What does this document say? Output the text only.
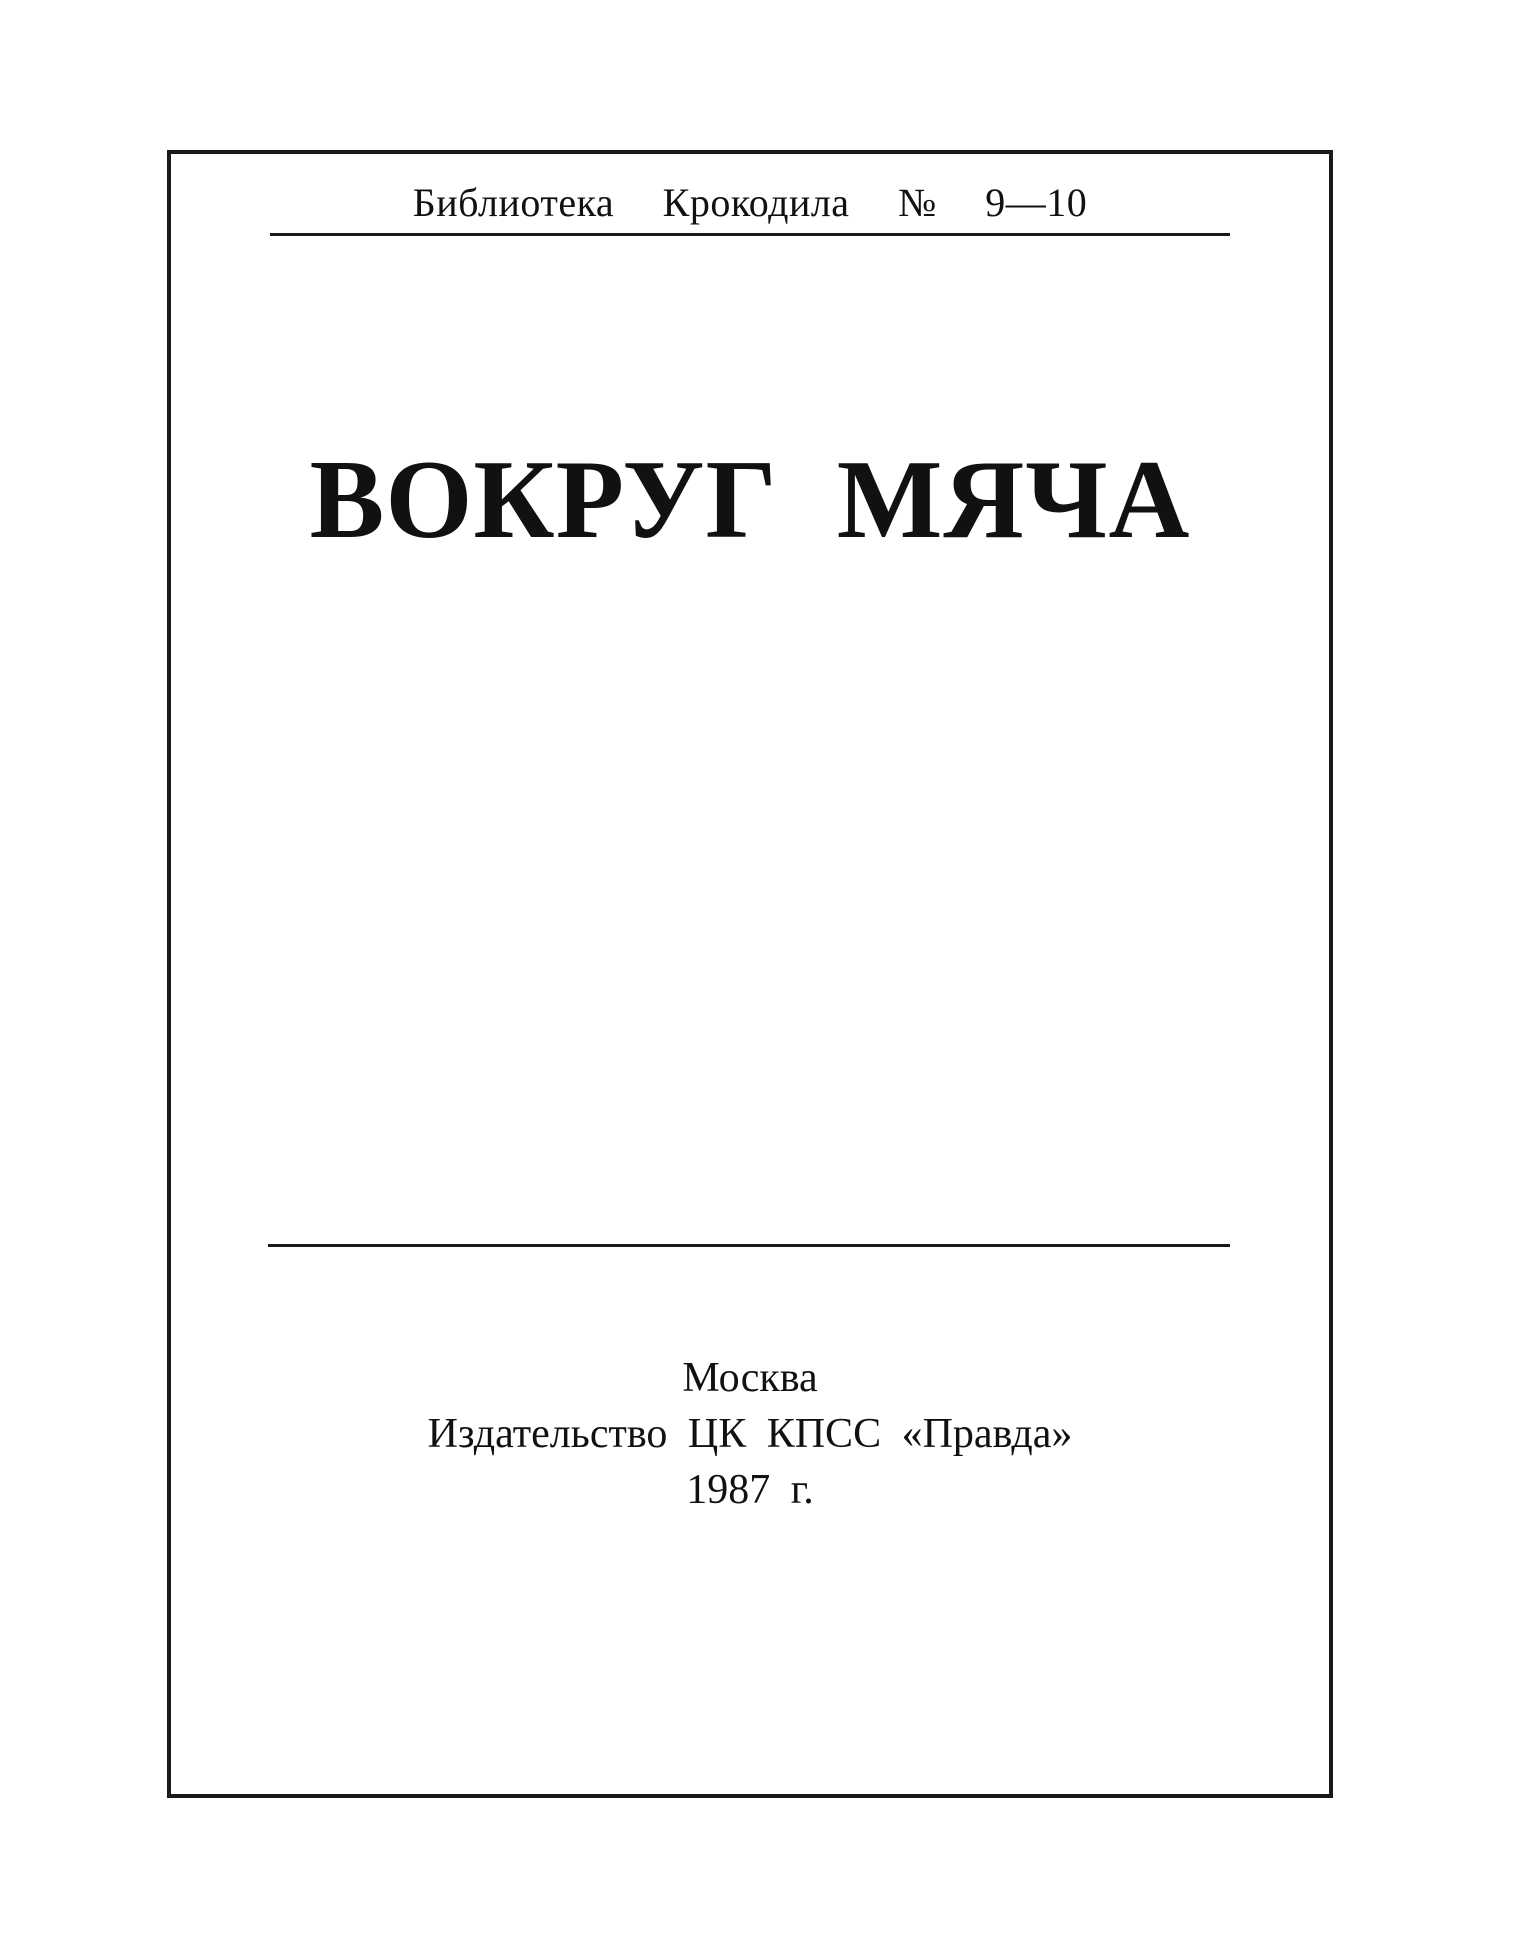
Библиотека Крокодила № 9—10
ВОКРУГ МЯЧА
Москва
Издательство ЦК КПСС «Правда»
1987 г.
